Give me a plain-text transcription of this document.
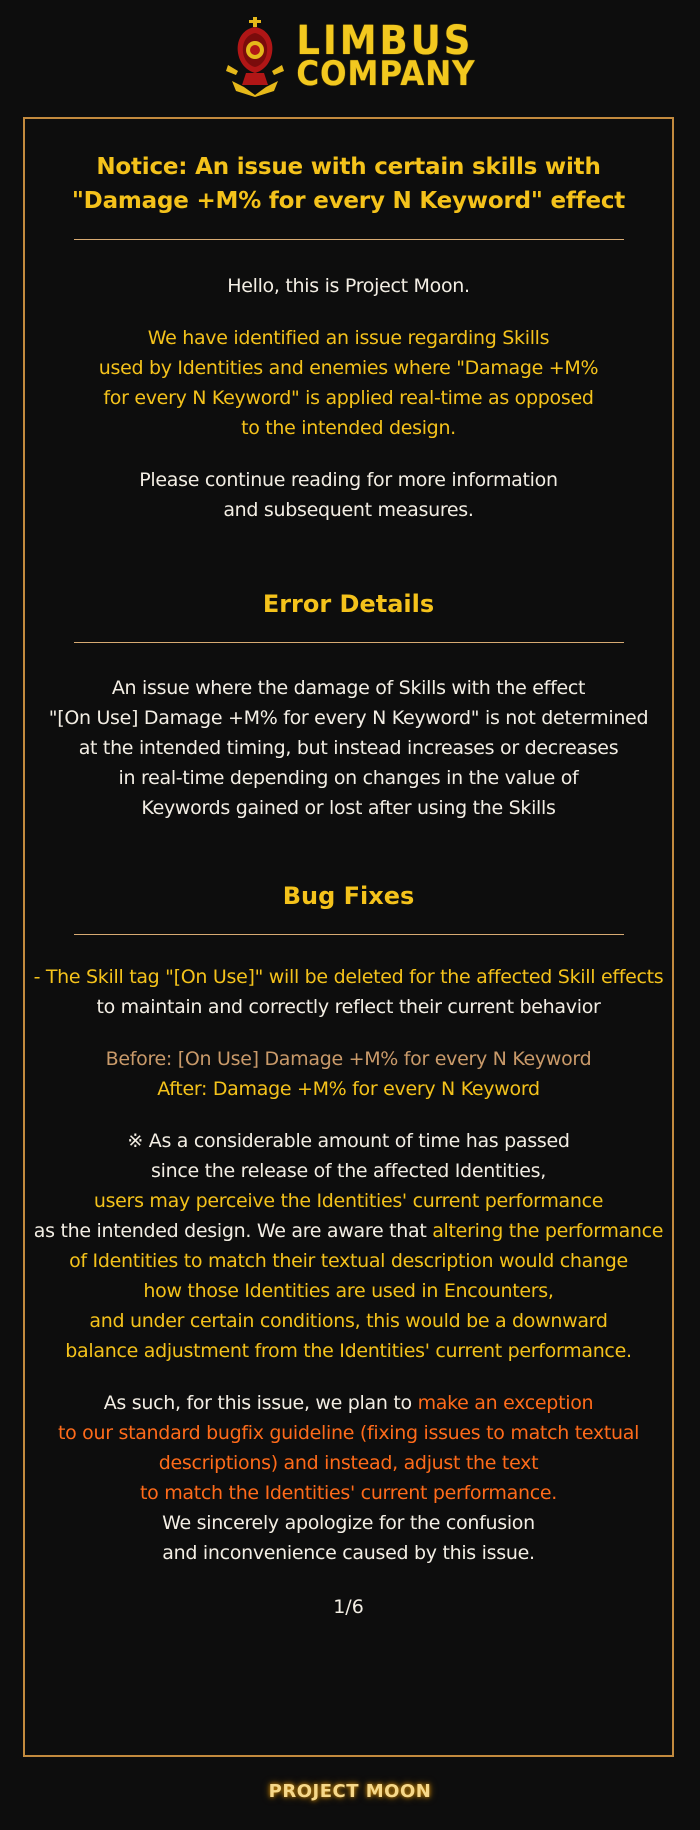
LIMBUS
COMPANY
Notice: An issue with certain skills with
"Damage +M% for every N Keyword" effect
Hello, this is Project Moon.
We have identified an issue regarding Skills
used by Identities and enemies where "Damage +M%
for every N Keyword" is applied real-time as opposed
to the intended design.
Please continue reading for more information
and subsequent measures.
Error Details
An issue where the damage of Skills with the effect
"[On Use] Damage +M% for every N Keyword" is not determined
at the intended timing, but instead increases or decreases
in real-time depending on changes in the value of
Keywords gained or lost after using the Skills
Bug Fixes
- The Skill tag "[On Use]" will be deleted for the affected Skill effects
to maintain and correctly reflect their current behavior
Before: [On Use] Damage +M% for every N Keyword
After: Damage +M% for every N Keyword
※ As a considerable amount of time has passed
since the release of the affected Identities,
users may perceive the Identities' current performance
as the intended design. We are aware that altering the performance
of Identities to match their textual description would change
how those Identities are used in Encounters,
and under certain conditions, this would be a downward
balance adjustment from the Identities' current performance.
As such, for this issue, we plan to make an exception
to our standard bugfix guideline (fixing issues to match textual
descriptions) and instead, adjust the text
to match the Identities' current performance.
We sincerely apologize for the confusion
and inconvenience caused by this issue.
1/6
PROJECT MOON
